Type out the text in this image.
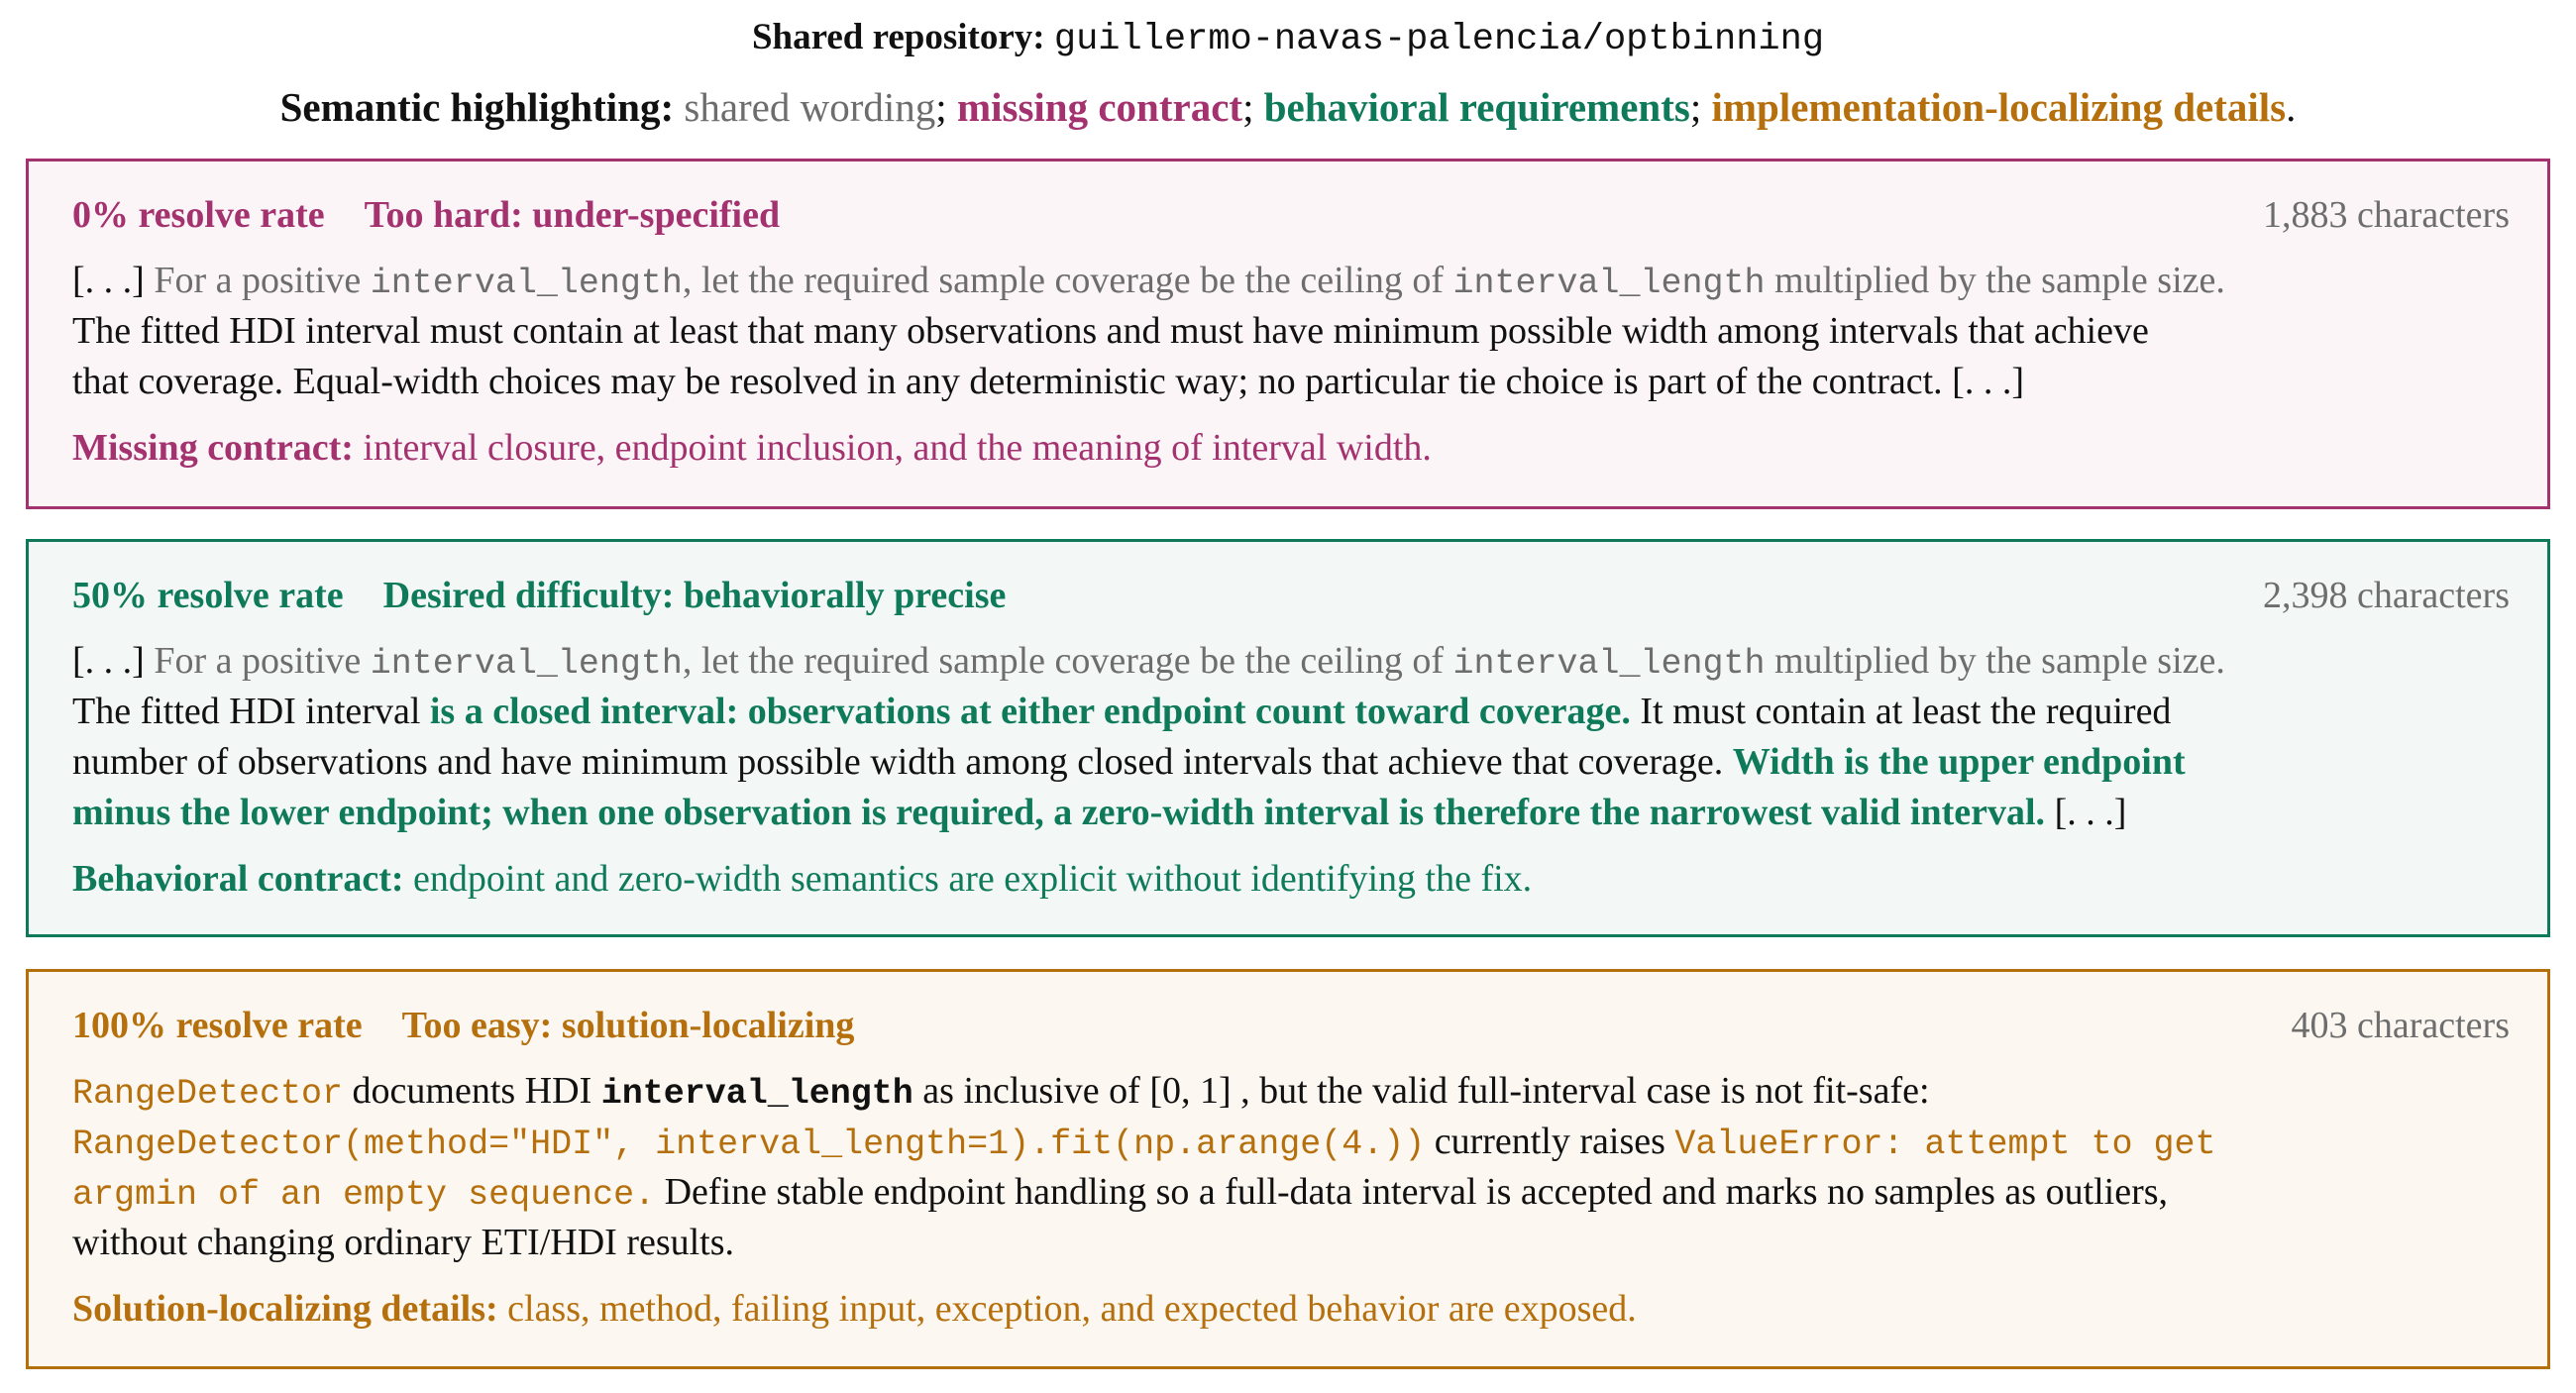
Shared repository: guillermo-navas-palencia/optbinning
Semantic highlighting: shared wording; missing contract; behavioral requirements; implementation-localizing details.
0% resolve rate Too hard: under-specified	1,883 characters
[. . .] For a positive interval_length, let the required sample coverage be the ceiling of interval_length multiplied by the sample size.
The fitted HDI interval must contain at least that many observations and must have minimum possible width among intervals that achieve
that coverage. Equal-width choices may be resolved in any deterministic way; no particular tie choice is part of the contract. [. . .]
Missing contract: interval closure, endpoint inclusion, and the meaning of interval width.
50% resolve rate Desired difficulty: behaviorally precise	2,398 characters
[. . .] For a positive interval_length, let the required sample coverage be the ceiling of interval_length multiplied by the sample size.
The fitted HDI interval is a closed interval: observations at either endpoint count toward coverage. It must contain at least the required
number of observations and have minimum possible width among closed intervals that achieve that coverage. Width is the upper endpoint
minus the lower endpoint; when one observation is required, a zero-width interval is therefore the narrowest valid interval. [. . .]
Behavioral contract: endpoint and zero-width semantics are explicit without identifying the fix.
100% resolve rate Too easy: solution-localizing	403 characters
RangeDetector documents HDI interval_length as inclusive of [0, 1] , but the valid full-interval case is not fit-safe:
RangeDetector(method="HDI", interval_length=1).fit(np.arange(4.)) currently raises ValueError: attempt to get
argmin of an empty sequence. Define stable endpoint handling so a full-data interval is accepted and marks no samples as outliers,
without changing ordinary ETI/HDI results.
Solution-localizing details: class, method, failing input, exception, and expected behavior are exposed.
